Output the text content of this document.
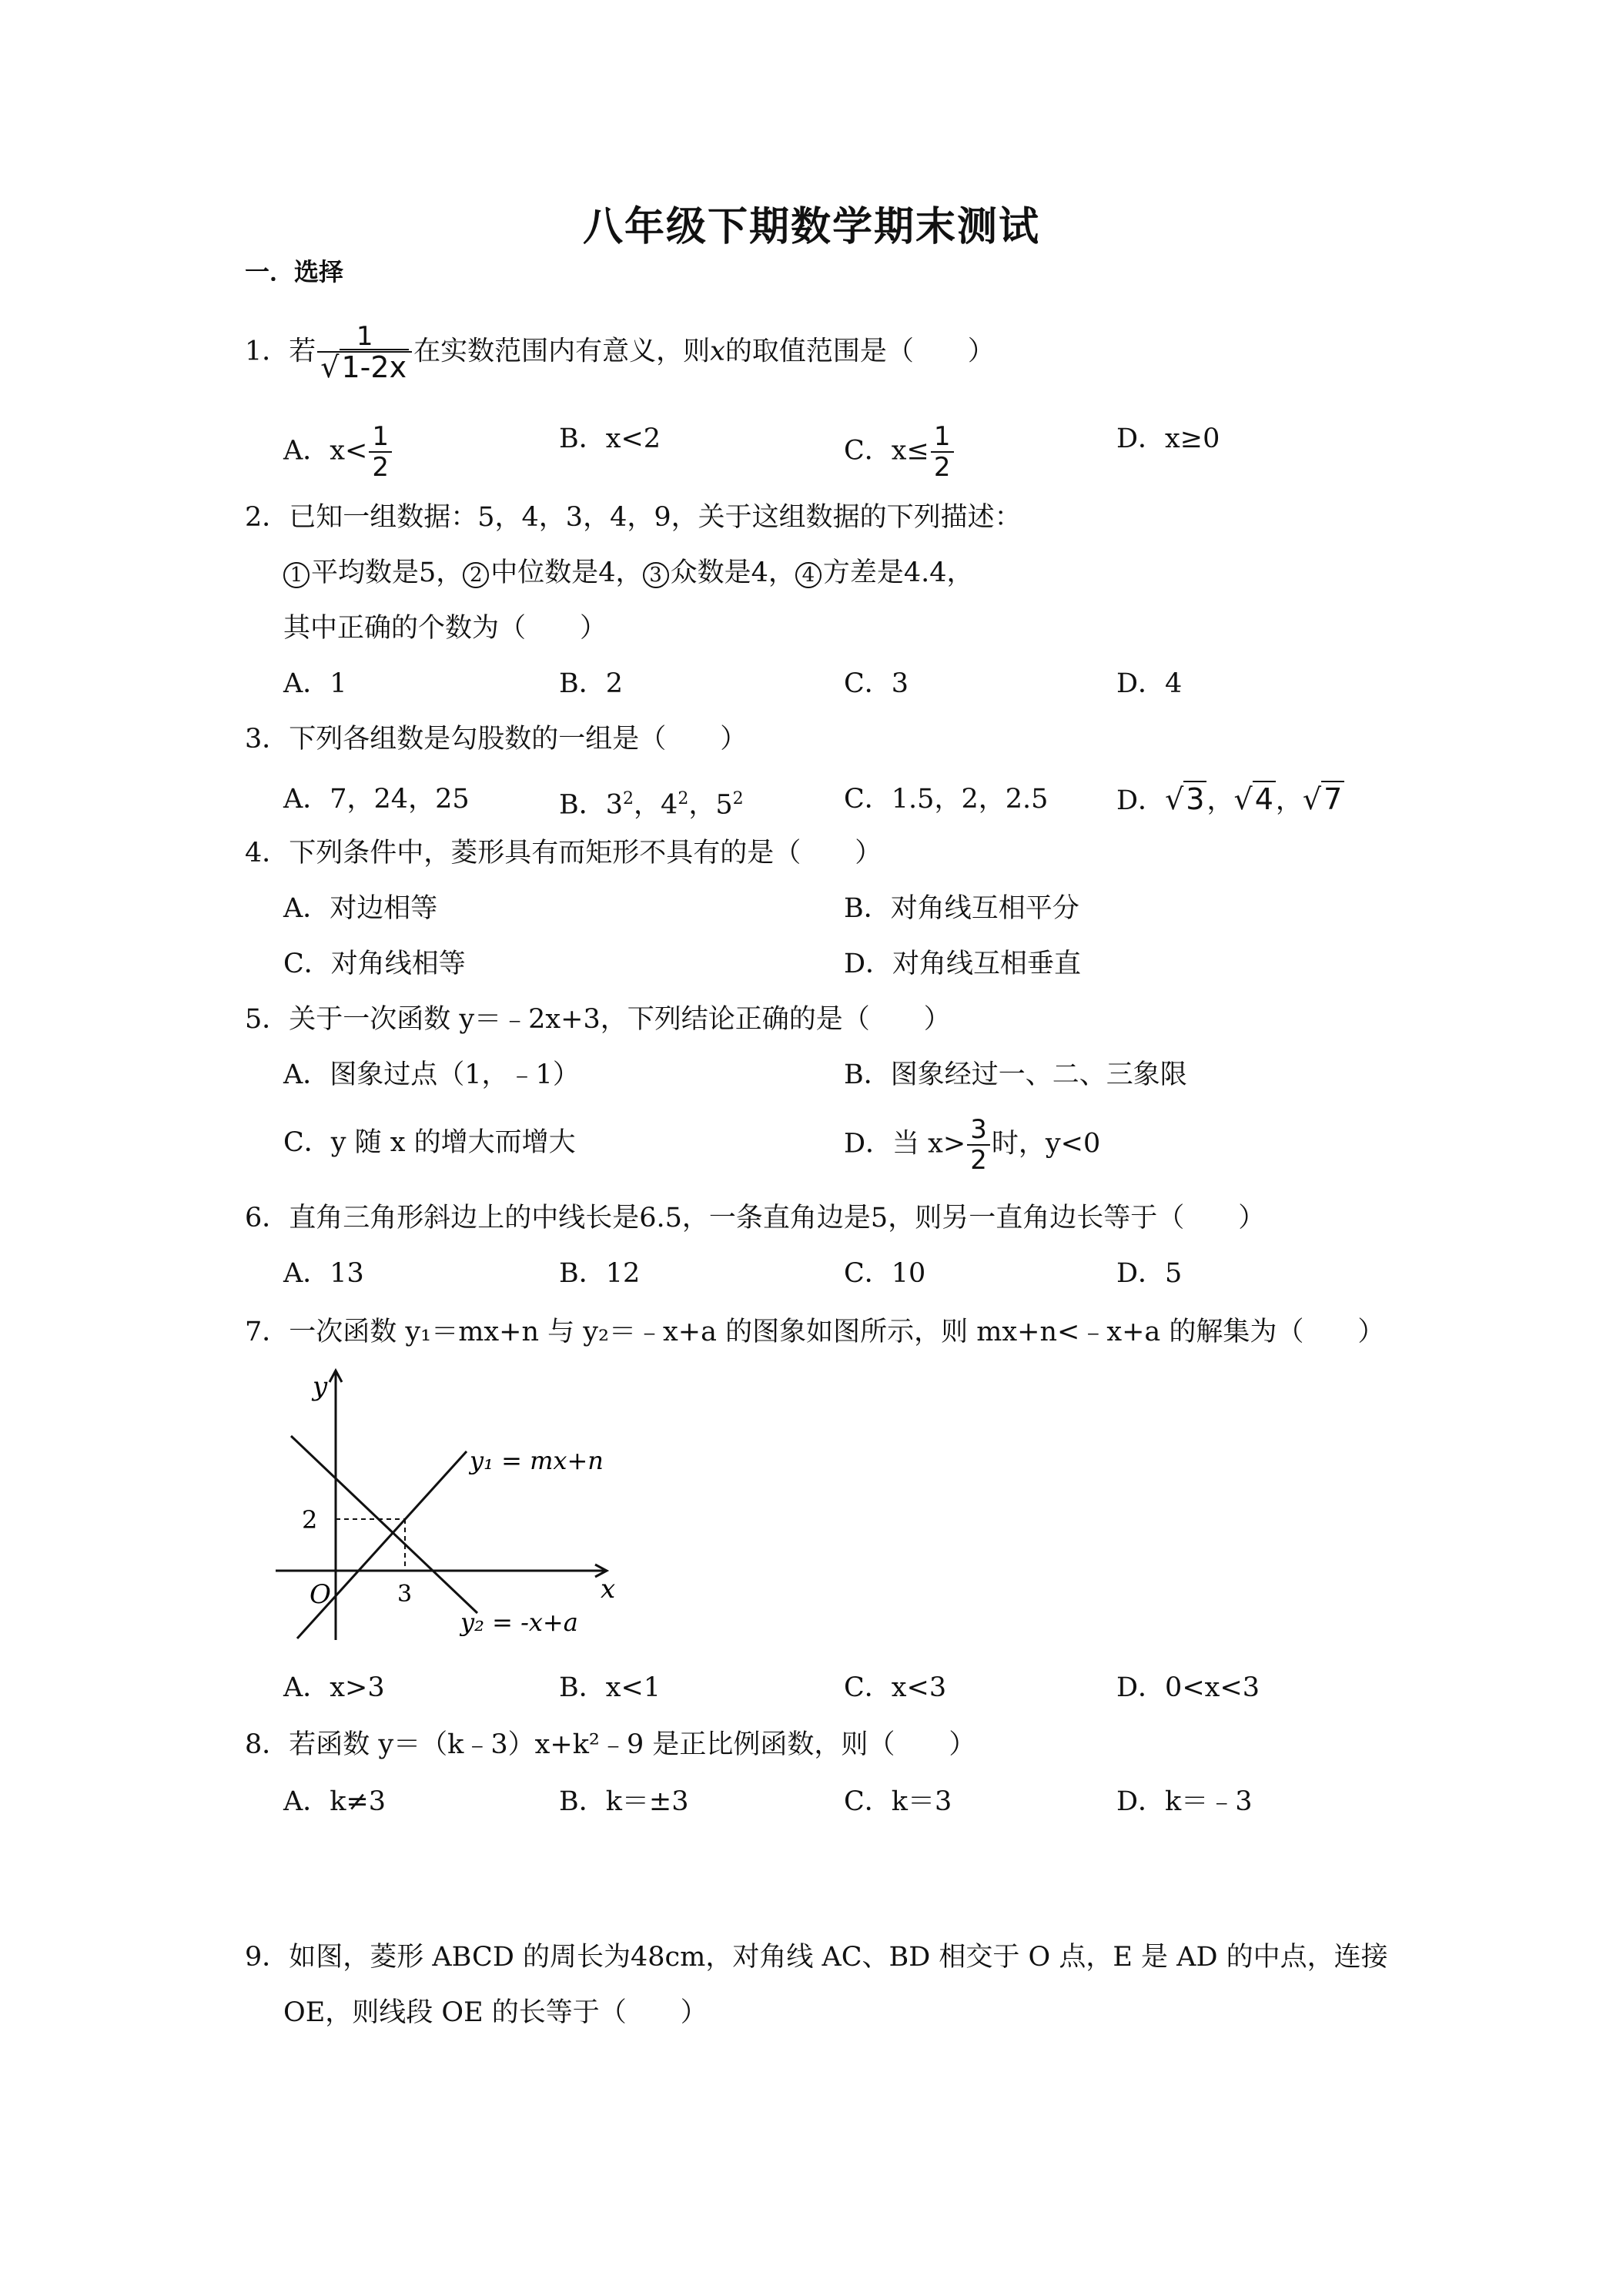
八年级下期数学期末测试
一．选择
1．若 $\frac{1}{√1-2x}$ 在实数范围内有意义，则x的取值范围是（　　）
A．$x< \frac{1}{2}$	B．x<2	C．$x\le \frac{1}{2}$	D．x≥0
2．已知一组数据：5，4，3，4，9，关于这组数据的下列描述：
1 平均数是5， 2 中位数是4， 3 众数是4， 4 方差是4.4，
其中正确的个数为（　　）
A．1	B．2	C．3	D．4
3．下列各组数是勾股数的一组是（　　）
A．7，24，25	B．$3^2$，$4^2$，$5^2$	C．1.5，2，2.5	D．√3，√4，√7
4．下列条件中，菱形具有而矩形不具有的是（　　）
A．对边相等	B．对角线互相平分
C．对角线相等	D．对角线互相垂直
5．关于一次函数 y＝﹣2x+3，下列结论正确的是（　　）
A．图象过点（1，﹣1）	B．图象经过一、二、三象限
C．y 随 x 的增大而增大	D．当 $x> \frac{3}{2}$ 时，y<0
6．直角三角形斜边上的中线长是6.5，一条直角边是5，则另一直角边长等于（　　）
A．13	B．12	C．10	D．5
7．一次函数 y₁＝mx+n 与 y₂＝﹣x+a 的图象如图所示，则 mx+n<﹣x+a 的解集为（　　）
y
x
O
2
3
y₁ = mx+n
y₂ = -x+a
A．x>3	B．x<1	C．x<3	D．0<x<3
8．若函数 y＝（k﹣3）x+k²﹣9 是正比例函数，则（　　）
A．k≠3	B．k＝±3	C．k＝3	D．k＝﹣3
9．如图，菱形 ABCD 的周长为48cm，对角线 AC、BD 相交于 O 点，E 是 AD 的中点，连接
OE，则线段 OE 的长等于（　　）
